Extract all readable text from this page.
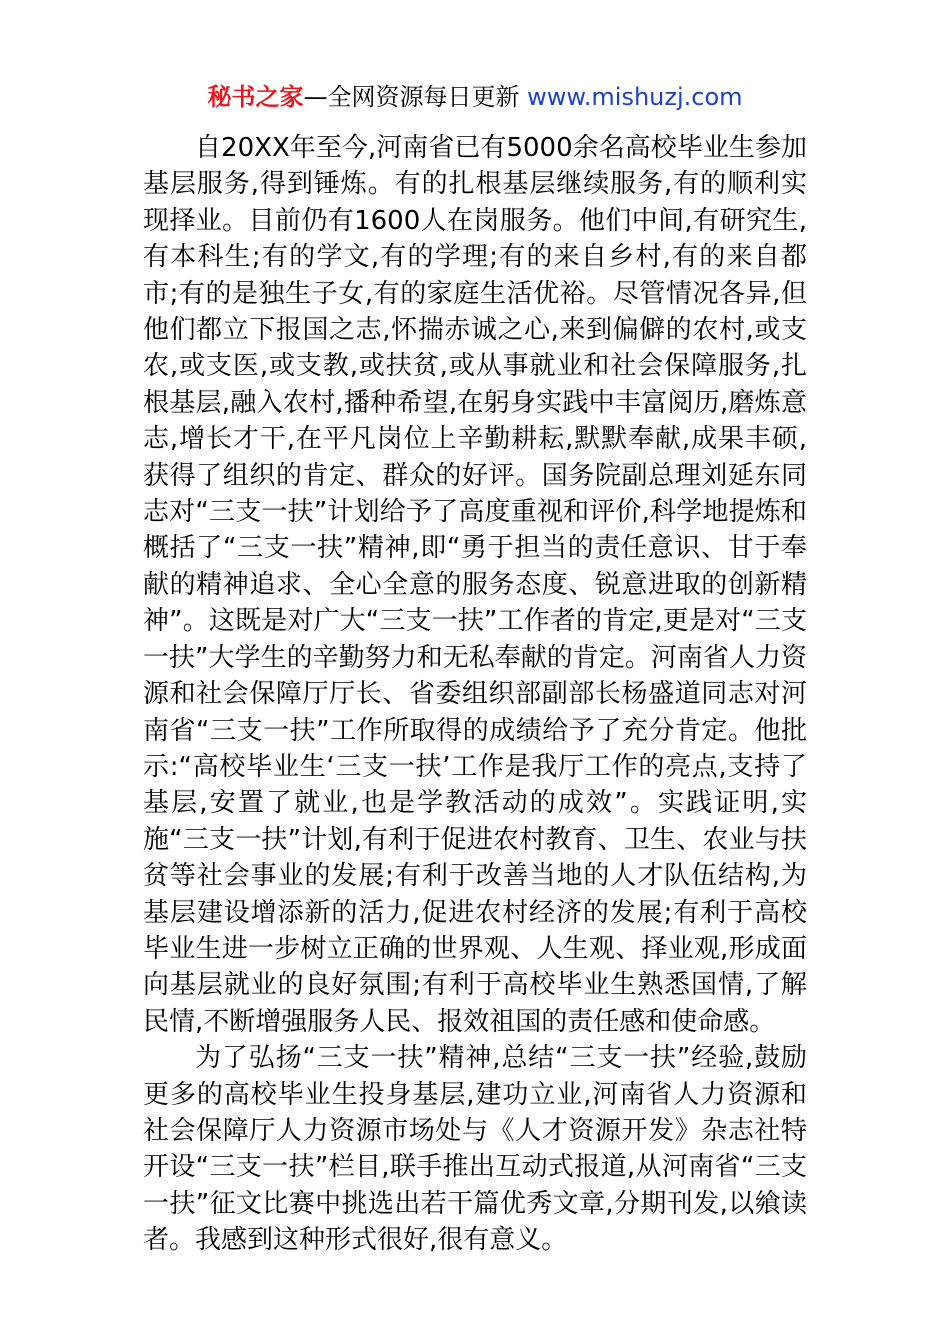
秘书之家—全网资源每日更新 www.mishuzj.com

自20XX年至今,河南省已有5000余名高校毕业生参加基层服务,得到锤炼。有的扎根基层继续服务,有的顺利实现择业。目前仍有1600人在岗服务。他们中间,有研究生,有本科生;有的学文,有的学理;有的来自乡村,有的来自都市;有的是独生子女,有的家庭生活优裕。尽管情况各异,但他们都立下报国之志,怀揣赤诚之心,来到偏僻的农村,或支农,或支医,或支教,或扶贫,或从事就业和社会保障服务,扎根基层,融入农村,播种希望,在躬身实践中丰富阅历,磨炼意志,增长才干,在平凡岗位上辛勤耕耘,默默奉献,成果丰硕,获得了组织的肯定、群众的好评。国务院副总理刘延东同志对“三支一扶”计划给予了高度重视和评价,科学地提炼和概括了“三支一扶”精神,即“勇于担当的责任意识、甘于奉献的精神追求、全心全意的服务态度、锐意进取的创新精神”。这既是对广大“三支一扶”工作者的肯定,更是对“三支一扶”大学生的辛勤努力和无私奉献的肯定。河南省人力资源和社会保障厅厅长、省委组织部副部长杨盛道同志对河南省“三支一扶”工作所取得的成绩给予了充分肯定。他批示:“高校毕业生‘三支一扶’工作是我厅工作的亮点,支持了基层,安置了就业,也是学教活动的成效”。实践证明,实施“三支一扶”计划,有利于促进农村教育、卫生、农业与扶贫等社会事业的发展;有利于改善当地的人才队伍结构,为基层建设增添新的活力,促进农村经济的发展;有利于高校毕业生进一步树立正确的世界观、人生观、择业观,形成面向基层就业的良好氛围;有利于高校毕业生熟悉国情,了解民情,不断增强服务人民、报效祖国的责任感和使命感。

为了弘扬“三支一扶”精神,总结“三支一扶”经验,鼓励更多的高校毕业生投身基层,建功立业,河南省人力资源和社会保障厅人力资源市场处与《人才资源开发》杂志社特开设“三支一扶”栏目,联手推出互动式报道,从河南省“三支一扶”征文比赛中挑选出若干篇优秀文章,分期刊发,以飨读者。我感到这种形式很好,很有意义。
